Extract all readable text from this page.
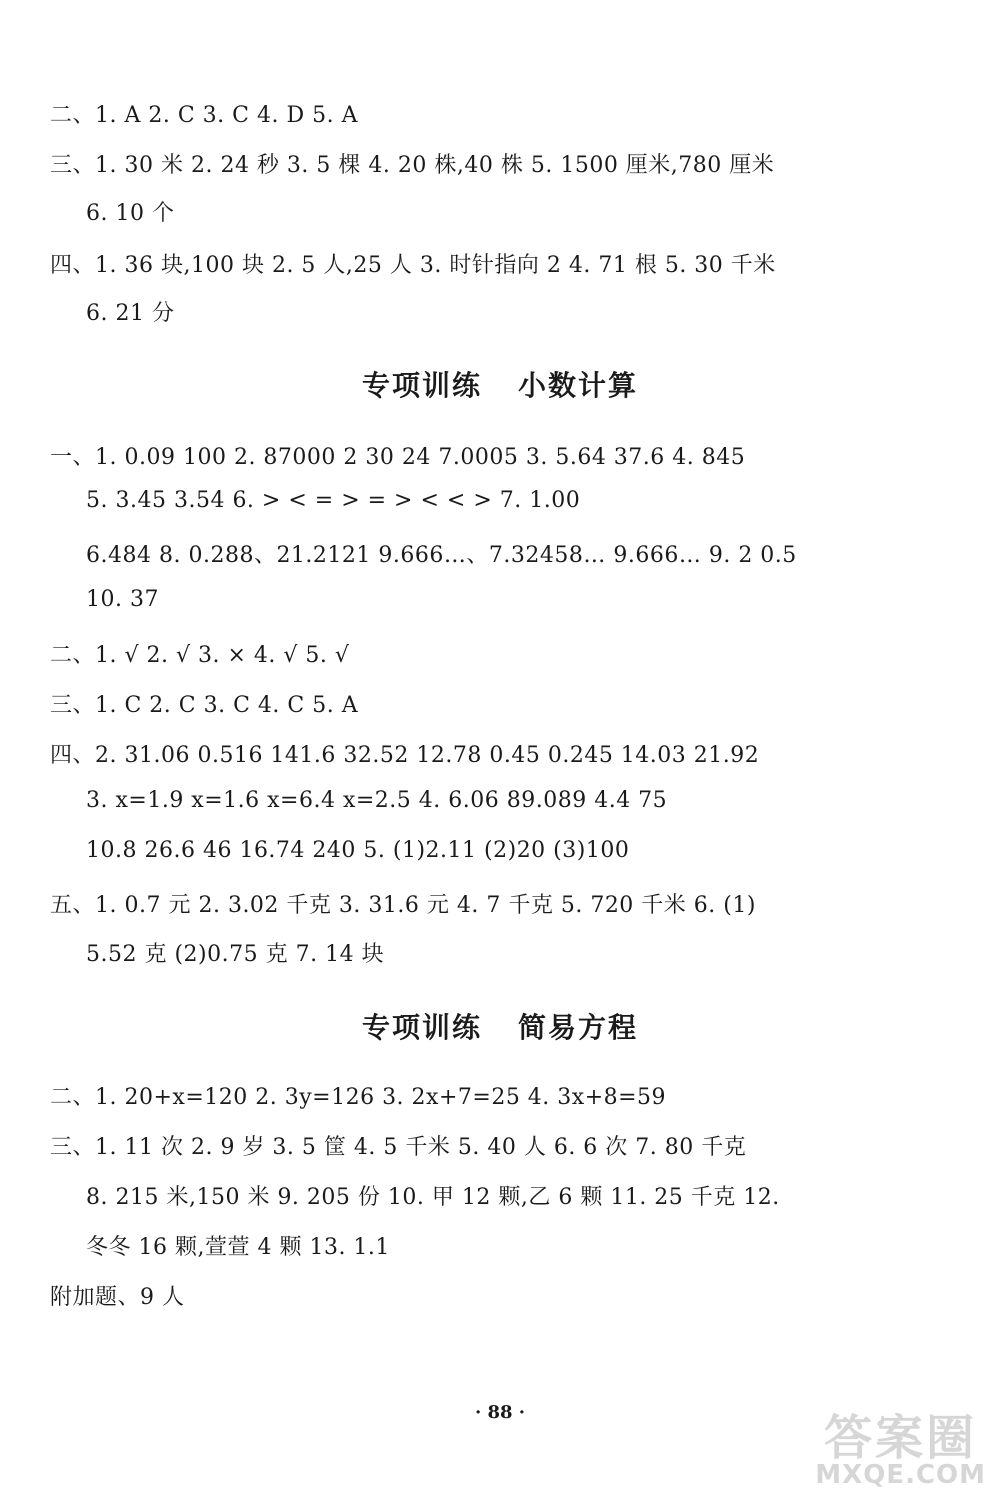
二、1. A 2. C 3. C 4. D 5. A
三、1. 30 米 2. 24 秒 3. 5 棵 4. 20 株,40 株 5. 1500 厘米,780 厘米
6. 10 个
四、1. 36 块,100 块 2. 5 人,25 人 3. 时针指向 2 4. 71 根 5. 30 千米
6. 21 分
专项训练 小数计算
一、1. 0.09 100 2. 87000 2 30 24 7.0005 3. 5.64 37.6 4. 845
5. 3.45 3.54 6. > < = > = > < < > 7. 1.00
6.484 8. 0.288、21.2121 9.666…、7.32458… 9.666… 9. 2 0.5
10. 37
二、1. √ 2. √ 3. × 4. √ 5. √
三、1. C 2. C 3. C 4. C 5. A
四、2. 31.06 0.516 141.6 32.52 12.78 0.45 0.245 14.03 21.92
3. x=1.9 x=1.6 x=6.4 x=2.5 4. 6.06 89.089 4.4 75
10.8 26.6 46 16.74 240 5. (1)2.11 (2)20 (3)100
五、1. 0.7 元 2. 3.02 千克 3. 31.6 元 4. 7 千克 5. 720 千米 6. (1)
5.52 克 (2)0.75 克 7. 14 块
专项训练 简易方程
二、1. 20+x=120 2. 3y=126 3. 2x+7=25 4. 3x+8=59
三、1. 11 次 2. 9 岁 3. 5 筐 4. 5 千米 5. 40 人 6. 6 次 7. 80 千克
8. 215 米,150 米 9. 205 份 10. 甲 12 颗,乙 6 颗 11. 25 千克 12.
冬冬 16 颗,萱萱 4 颗 13. 1.1
附加题、9 人
· 88 ·	答案圈
MXQE.COM
